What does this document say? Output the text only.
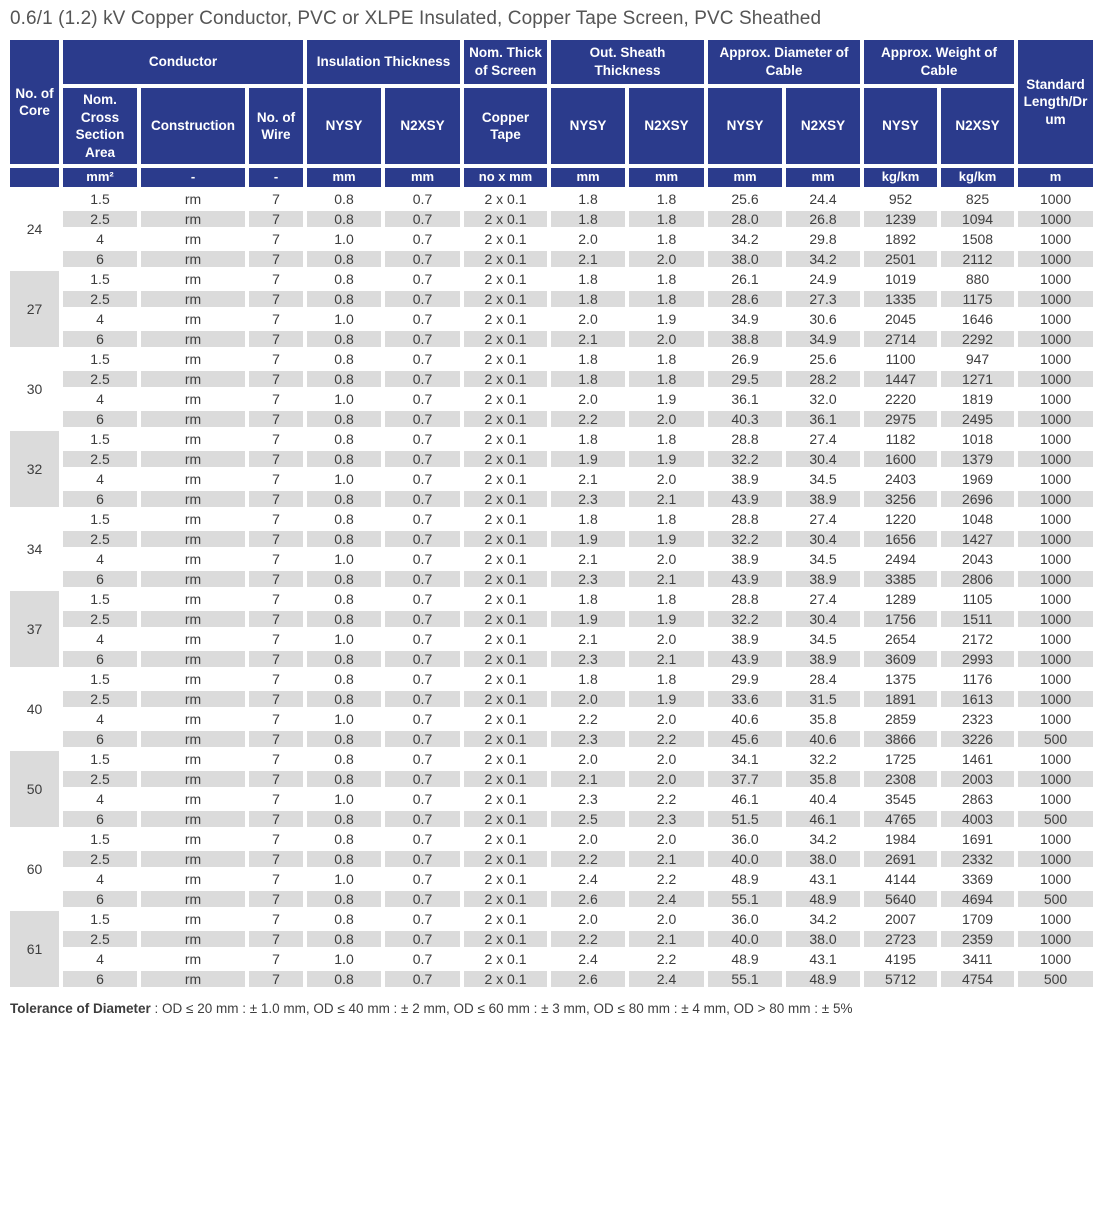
0.6/1 (1.2) kV Copper Conductor, PVC or XLPE Insulated, Copper Tape Screen, PVC Sheathed
No. of Core	Conductor			Insulation Thickness		Nom. Thick of Screen	Out. Sheath Thickness		Approx. Diameter of Cable		Approx. Weight of Cable		Standard Length/Drum
	Nom. Cross Section Area	Construction	No. of Wire	NYSY	N2XSY	Copper Tape	NYSY	N2XSY	NYSY	N2XSY	NYSY	N2XSY	
	mm²	-	-	mm	mm	no x mm	mm	mm	mm	mm	kg/km	kg/km	m
24	1.5	rm	7	0.8	0.7	2 x 0.1	1.8	1.8	25.6	24.4	952	825	1000
	2.5	rm	7	0.8	0.7	2 x 0.1	1.8	1.8	28.0	26.8	1239	1094	1000
	4	rm	7	1.0	0.7	2 x 0.1	2.0	1.8	34.2	29.8	1892	1508	1000
	6	rm	7	0.8	0.7	2 x 0.1	2.1	2.0	38.0	34.2	2501	2112	1000
27	1.5	rm	7	0.8	0.7	2 x 0.1	1.8	1.8	26.1	24.9	1019	880	1000
	2.5	rm	7	0.8	0.7	2 x 0.1	1.8	1.8	28.6	27.3	1335	1175	1000
	4	rm	7	1.0	0.7	2 x 0.1	2.0	1.9	34.9	30.6	2045	1646	1000
	6	rm	7	0.8	0.7	2 x 0.1	2.1	2.0	38.8	34.9	2714	2292	1000
30	1.5	rm	7	0.8	0.7	2 x 0.1	1.8	1.8	26.9	25.6	1100	947	1000
	2.5	rm	7	0.8	0.7	2 x 0.1	1.8	1.8	29.5	28.2	1447	1271	1000
	4	rm	7	1.0	0.7	2 x 0.1	2.0	1.9	36.1	32.0	2220	1819	1000
	6	rm	7	0.8	0.7	2 x 0.1	2.2	2.0	40.3	36.1	2975	2495	1000
32	1.5	rm	7	0.8	0.7	2 x 0.1	1.8	1.8	28.8	27.4	1182	1018	1000
	2.5	rm	7	0.8	0.7	2 x 0.1	1.9	1.9	32.2	30.4	1600	1379	1000
	4	rm	7	1.0	0.7	2 x 0.1	2.1	2.0	38.9	34.5	2403	1969	1000
	6	rm	7	0.8	0.7	2 x 0.1	2.3	2.1	43.9	38.9	3256	2696	1000
34	1.5	rm	7	0.8	0.7	2 x 0.1	1.8	1.8	28.8	27.4	1220	1048	1000
	2.5	rm	7	0.8	0.7	2 x 0.1	1.9	1.9	32.2	30.4	1656	1427	1000
	4	rm	7	1.0	0.7	2 x 0.1	2.1	2.0	38.9	34.5	2494	2043	1000
	6	rm	7	0.8	0.7	2 x 0.1	2.3	2.1	43.9	38.9	3385	2806	1000
37	1.5	rm	7	0.8	0.7	2 x 0.1	1.8	1.8	28.8	27.4	1289	1105	1000
	2.5	rm	7	0.8	0.7	2 x 0.1	1.9	1.9	32.2	30.4	1756	1511	1000
	4	rm	7	1.0	0.7	2 x 0.1	2.1	2.0	38.9	34.5	2654	2172	1000
	6	rm	7	0.8	0.7	2 x 0.1	2.3	2.1	43.9	38.9	3609	2993	1000
40	1.5	rm	7	0.8	0.7	2 x 0.1	1.8	1.8	29.9	28.4	1375	1176	1000
	2.5	rm	7	0.8	0.7	2 x 0.1	2.0	1.9	33.6	31.5	1891	1613	1000
	4	rm	7	1.0	0.7	2 x 0.1	2.2	2.0	40.6	35.8	2859	2323	1000
	6	rm	7	0.8	0.7	2 x 0.1	2.3	2.2	45.6	40.6	3866	3226	500
50	1.5	rm	7	0.8	0.7	2 x 0.1	2.0	2.0	34.1	32.2	1725	1461	1000
	2.5	rm	7	0.8	0.7	2 x 0.1	2.1	2.0	37.7	35.8	2308	2003	1000
	4	rm	7	1.0	0.7	2 x 0.1	2.3	2.2	46.1	40.4	3545	2863	1000
	6	rm	7	0.8	0.7	2 x 0.1	2.5	2.3	51.5	46.1	4765	4003	500
60	1.5	rm	7	0.8	0.7	2 x 0.1	2.0	2.0	36.0	34.2	1984	1691	1000
	2.5	rm	7	0.8	0.7	2 x 0.1	2.2	2.1	40.0	38.0	2691	2332	1000
	4	rm	7	1.0	0.7	2 x 0.1	2.4	2.2	48.9	43.1	4144	3369	1000
	6	rm	7	0.8	0.7	2 x 0.1	2.6	2.4	55.1	48.9	5640	4694	500
61	1.5	rm	7	0.8	0.7	2 x 0.1	2.0	2.0	36.0	34.2	2007	1709	1000
	2.5	rm	7	0.8	0.7	2 x 0.1	2.2	2.1	40.0	38.0	2723	2359	1000
	4	rm	7	1.0	0.7	2 x 0.1	2.4	2.2	48.9	43.1	4195	3411	1000
	6	rm	7	0.8	0.7	2 x 0.1	2.6	2.4	55.1	48.9	5712	4754	500
Tolerance of Diameter : OD ≤ 20 mm : ± 1.0 mm, OD ≤ 40 mm : ± 2 mm, OD ≤ 60 mm : ± 3 mm, OD ≤ 80 mm : ± 4 mm, OD > 80 mm : ± 5%
